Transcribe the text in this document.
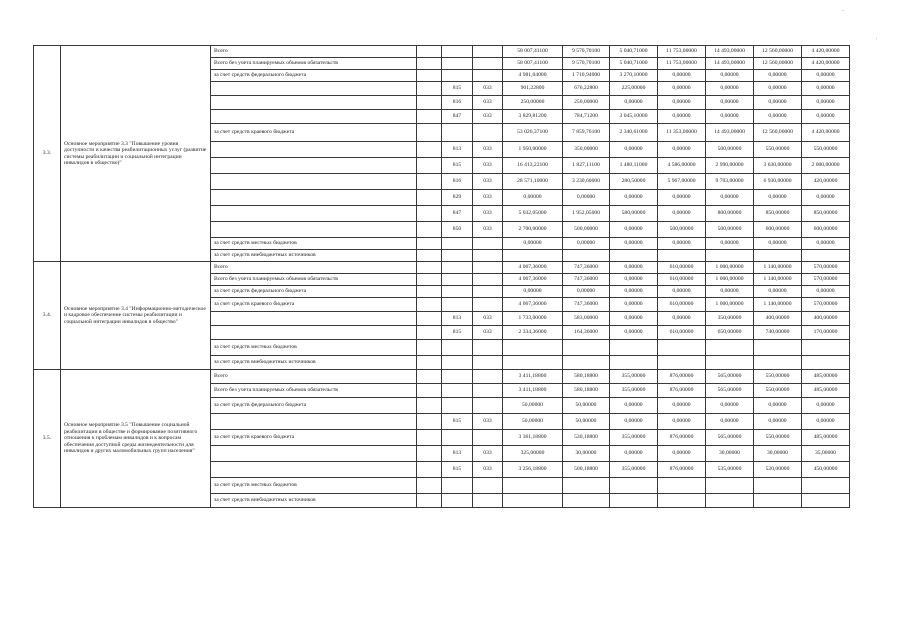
-
'
3.3.	Основное мероприятие 3.3 "Повышение уровня доступности и качества реабилитационных услуг (развитие системы реабилитации и социальной интеграции инвалидов в общество)"	Всего				58 007,41100	9 570,70100	5 040,71000	11 753,00000	14 493,00000	12 560,00000	4 420,00000
		Всего без учета планируемых объемов обязательств				58 007,41100	9 570,70100	5 040,71000	11 753,00000	14 493,00000	12 560,00000	4 420,00000
		за счет средств федерального бюджета				4 981,04000	1 710,94000	3 270,10000	0,00000	0,00000	0,00000	0,00000
				815	033	901,22800	676,22800	225,00000	0,00000	0,00000	0,00000	0,00000
				816	033	250,00000	250,00000	0,00000	0,00000	0,00000	0,00000	0,00000
				847	033	3 829,81200	784,71200	3 045,10000	0,00000	0,00000	0,00000	0,00000
		за счет средств краевого бюджета				53 026,37100	7 859,76100	2 340,61000	11 353,00000	14 493,00000	12 560,00000	4 420,00000
				813	033	1 950,00000	350,00000	0,00000	0,00000	500,00000	550,00000	550,00000
				815	033	16 413,22100	1 827,11100	1 480,11000	4 586,00000	2 990,00000	3 630,00000	2 000,00000
				816	033	28 571,10000	3 230,60000	280,50000	5 967,00000	9 703,00000	6 930,00000	420,00000
				829	033	0,00000	0,00000	0,00000	0,00000	0,00000	0,00000	0,00000
				847	033	5 032,05000	1 952,05000	580,00000	0,00000	800,00000	850,00000	850,00000
				850	033	2 700,00000	500,00000	0,00000	500,00000	500,00000	600,00000	600,00000
		за счет средств местных бюджетов				0,00000	0,00000	0,00000	0,00000	0,00000	0,00000	0,00000
		за счет средств внебюджетных источников										
3.4.	Основное мероприятие 3.4 "Информационно-методическое и кадровое обеспечение системы реабилитации и социальной интеграции инвалидов в общество"	Всего				4 067,36000	747,36000	0,00000	610,00000	1 000,00000	1 140,00000	570,00000
		Всего без учета планируемых объемов обязательств				4 067,36000	747,36000	0,00000	610,00000	1 000,00000	1 140,00000	570,00000
		за счет средств федерального бюджета				0,00000	0,00000	0,00000	0,00000	0,00000	0,00000	0,00000
		за счет средств краевого бюджета				4 067,36000	747,36000	0,00000	610,00000	1 000,00000	1 140,00000	570,00000
				813	033	1 733,00000	583,00000	0,00000	0,00000	350,00000	400,00000	400,00000
				815	033	2 334,36000	164,36000	0,00000	610,00000	650,00000	740,00000	170,00000
		за счет средств местных бюджетов										
		за счет средств внебюджетных источников										
3.5.	Основное мероприятие 3.5 "Повышение социальной реабилитации в обществе и формирование позитивного отношения к проблемам инвалидов и к вопросам обеспечения доступной среды жизнедеятельности для инвалидов и других маломобильных групп населения"	Всего				3 411,18800	580,18800	355,00000	876,00000	565,00000	550,00000	485,00000
		Всего без учета планируемых объемов обязательств				3 411,18800	580,18800	355,00000	876,00000	565,00000	550,00000	485,00000
		за счет средств федерального бюджета				50,00000	50,00000	0,00000	0,00000	0,00000	0,00000	0,00000
				815	033	50,00000	50,00000	0,00000	0,00000	0,00000	0,00000	0,00000
		за счет средств краевого бюджета				3 361,18800	530,18800	355,00000	876,00000	565,00000	550,00000	485,00000
				813	033	325,00000	30,00000	0,00000	0,00000	30,00000	30,00000	35,00000
				815	033	3 256,18800	500,18800	355,00000	876,00000	535,00000	520,00000	450,00000
		за счет средств местных бюджетов										
		за счет средств внебюджетных источников										
